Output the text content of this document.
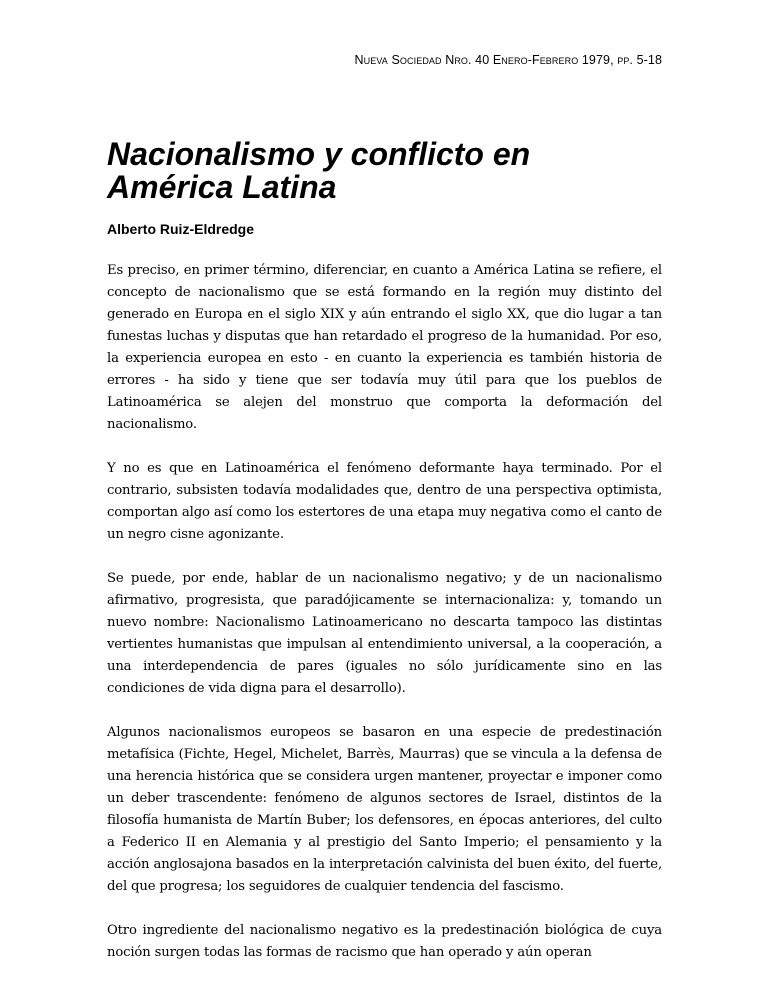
Nueva Sociedad Nro. 40 Enero-Febrero 1979, pp. 5-18
Nacionalismo y conflicto en América Latina
Alberto Ruiz-Eldredge

Es preciso, en primer término, diferenciar, en cuanto a América Latina se refiere, el concepto de nacionalismo que se está formando en la región muy distinto del generado en Europa en el siglo XIX y aún entrando el siglo XX, que dio lugar a tan funestas luchas y disputas que han retardado el progreso de la humanidad. Por eso, la experiencia europea en esto - en cuanto la experiencia es también historia de errores - ha sido y tiene que ser todavía muy útil para que los pueblos de Latinoamérica se alejen del monstruo que comporta la deformación del nacionalismo.

Y no es que en Latinoamérica el fenómeno deformante haya terminado. Por el contrario, subsisten todavía modalidades que, dentro de una perspectiva optimista, comportan algo así como los estertores de una etapa muy negativa como el canto de un negro cisne agonizante.

Se puede, por ende, hablar de un nacionalismo negativo; y de un nacionalismo afirmativo, progresista, que paradójicamente se internacionaliza: y, tomando un nuevo nombre: Nacionalismo Latinoamericano no descarta tampoco las distintas vertientes humanistas que impulsan al entendimiento universal, a la cooperación, a una interdependencia de pares (iguales no sólo jurídicamente sino en las condiciones de vida digna para el desarrollo).

Algunos nacionalismos europeos se basaron en una especie de predestinación metafísica (Fichte, Hegel, Michelet, Barrès, Maurras) que se vincula a la defensa de una herencia histórica que se considera urgen mantener, proyectar e imponer como un deber trascendente: fenómeno de algunos sectores de Israel, distintos de la filosofía humanista de Martín Buber; los defensores, en épocas anteriores, del culto a Federico II en Alemania y al prestigio del Santo Imperio; el pensamiento y la acción anglosajona basados en la interpretación calvinista del buen éxito, del fuerte, del que progresa; los seguidores de cualquier tendencia del fascismo.

Otro ingrediente del nacionalismo negativo es la predestinación biológica de cuya noción surgen todas las formas de racismo que han operado y aún operan
